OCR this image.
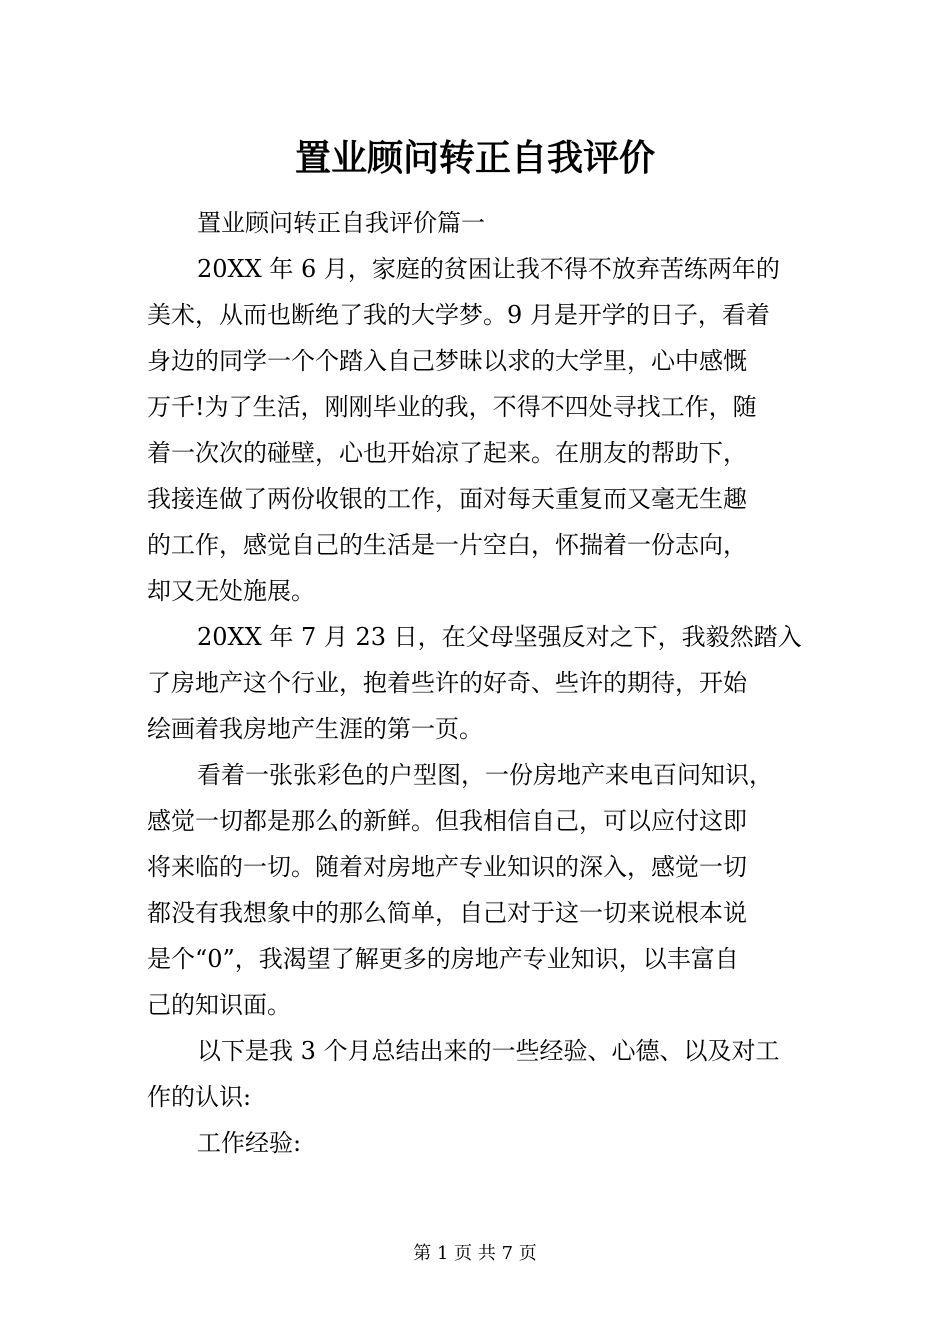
置业顾问转正自我评价

置业顾问转正自我评价篇一

20XX 年 6 月，家庭的贫困让我不得不放弃苦练两年的
美术，从而也断绝了我的大学梦。9 月是开学的日子，看着
身边的同学一个个踏入自己梦昧以求的大学里，心中感慨
万千!为了生活，刚刚毕业的我，不得不四处寻找工作，随
着一次次的碰壁，心也开始凉了起来。在朋友的帮助下，
我接连做了两份收银的工作，面对每天重复而又毫无生趣
的工作，感觉自己的生活是一片空白，怀揣着一份志向，
却又无处施展。

20XX 年 7 月 23 日，在父母坚强反对之下，我毅然踏入
了房地产这个行业，抱着些许的好奇、些许的期待，开始
绘画着我房地产生涯的第一页。

看着一张张彩色的户型图，一份房地产来电百问知识，
感觉一切都是那么的新鲜。但我相信自己，可以应付这即
将来临的一切。随着对房地产专业知识的深入，感觉一切
都没有我想象中的那么简单，自己对于这一切来说根本说
是个“0”，我渴望了解更多的房地产专业知识，以丰富自
己的知识面。

以下是我 3 个月总结出来的一些经验、心德、以及对工
作的认识:

工作经验:

第 1 页 共 7 页
